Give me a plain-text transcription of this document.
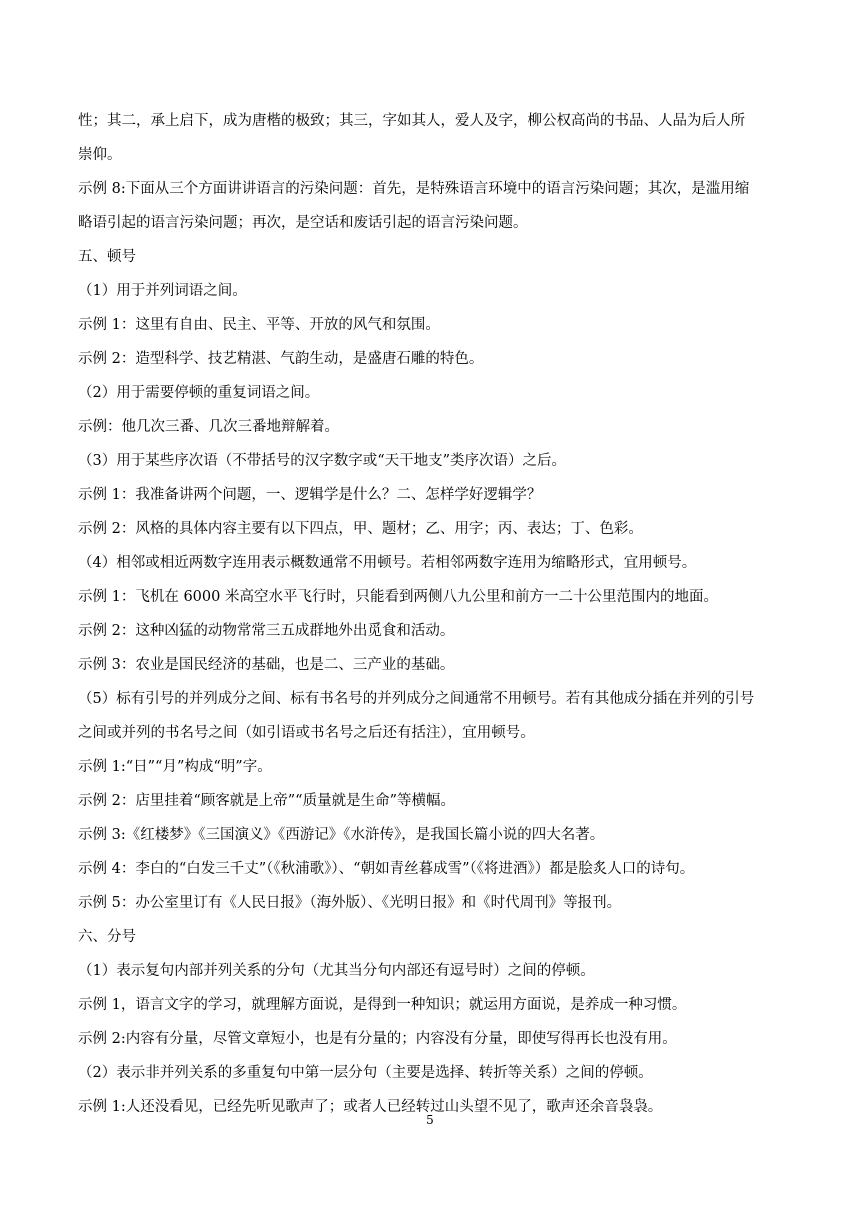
性；其二，承上启下，成为唐楷的极致；其三，字如其人，爱人及字，柳公权高尚的书品、人品为后人所
崇仰。
示例 8:下面从三个方面讲讲语言的污染问题：首先，是特殊语言环境中的语言污染问题；其次，是滥用缩
略语引起的语言污染问题；再次，是空话和废话引起的语言污染问题。
五、顿号
（1）用于并列词语之间。
示例 1：这里有自由、民主、平等、开放的风气和氛围。
示例 2：造型科学、技艺精湛、气韵生动，是盛唐石雕的特色。
（2）用于需要停顿的重复词语之间。
示例：他几次三番、几次三番地辩解着。
（3）用于某些序次语（不带括号的汉字数字或“天干地支”类序次语）之后。
示例 1：我准备讲两个问题，一、逻辑学是什么？二、怎样学好逻辑学？
示例 2：风格的具体内容主要有以下四点，甲、题材；乙、用字；丙、表达；丁、色彩。
（4）相邻或相近两数字连用表示概数通常不用顿号。若相邻两数字连用为缩略形式，宜用顿号。
示例 1：飞机在 6000 米高空水平飞行时，只能看到两侧八九公里和前方一二十公里范围内的地面。
示例 2：这种凶猛的动物常常三五成群地外出觅食和活动。
示例 3：农业是国民经济的基础，也是二、三产业的基础。
（5）标有引号的并列成分之间、标有书名号的并列成分之间通常不用顿号。若有其他成分插在并列的引号
之间或并列的书名号之间（如引语或书名号之后还有括注），宜用顿号。
示例 1:“日”“月”构成“明”字。
示例 2：店里挂着“顾客就是上帝”“质量就是生命”等横幅。
示例 3:《红楼梦》《三国演义》《西游记》《水浒传》，是我国长篇小说的四大名著。
示例 4：李白的“白发三千丈”（《秋浦歌》）、“朝如青丝暮成雪”（《将进酒》）都是脍炙人口的诗句。
示例 5：办公室里订有《人民日报》（海外版）、《光明日报》和《时代周刊》等报刊。
六、分号
（1）表示复句内部并列关系的分句（尤其当分句内部还有逗号时）之间的停顿。
示例 1，语言文字的学习，就理解方面说，是得到一种知识；就运用方面说，是养成一种习惯。
示例 2:内容有分量，尽管文章短小，也是有分量的；内容没有分量，即使写得再长也没有用。
（2）表示非并列关系的多重复句中第一层分句（主要是选择、转折等关系）之间的停顿。
示例 1:人还没看见，已经先听见歌声了；或者人已经转过山头望不见了，歌声还余音袅袅。
5
